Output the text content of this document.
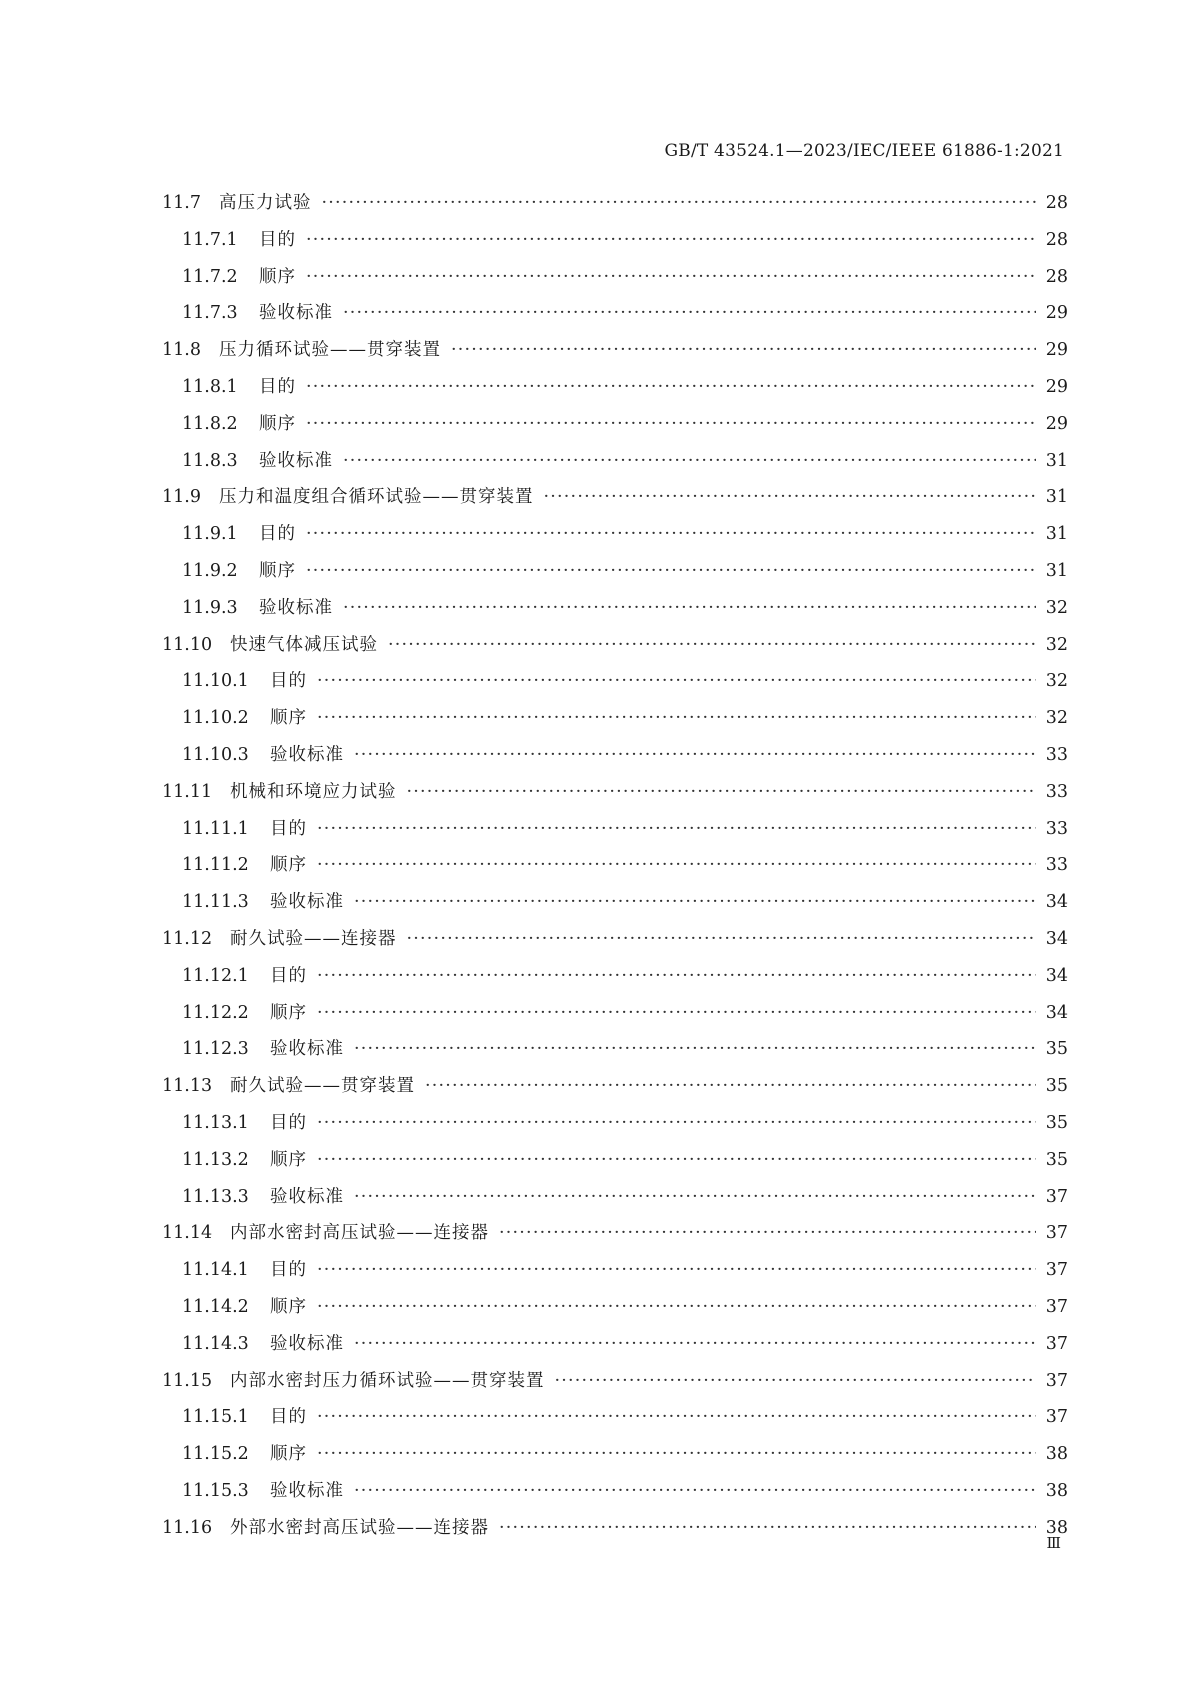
GB/T 43524.1—2023/IEC/IEEE 61886-1:2021
11.7	高压力试验 ·····	28
11.7.1	目的 ·····	28
11.7.2	顺序 ·····	28
11.7.3	验收标准 ·····	29
11.8	压力循环试验——贯穿装置 ·····	29
11.8.1	目的 ·····	29
11.8.2	顺序 ·····	29
11.8.3	验收标准 ·····	31
11.9	压力和温度组合循环试验——贯穿装置 ·····	31
11.9.1	目的 ·····	31
11.9.2	顺序 ·····	31
11.9.3	验收标准 ·····	32
11.10	快速气体减压试验 ·····	32
11.10.1	目的 ·····	32
11.10.2	顺序 ·····	32
11.10.3	验收标准 ·····	33
11.11	机械和环境应力试验 ·····	33
11.11.1	目的 ·····	33
11.11.2	顺序 ·····	33
11.11.3	验收标准 ·····	34
11.12	耐久试验——连接器 ·····	34
11.12.1	目的 ·····	34
11.12.2	顺序 ·····	34
11.12.3	验收标准 ·····	35
11.13	耐久试验——贯穿装置 ·····	35
11.13.1	目的 ·····	35
11.13.2	顺序 ·····	35
11.13.3	验收标准 ·····	37
11.14	内部水密封高压试验——连接器 ·····	37
11.14.1	目的 ·····	37
11.14.2	顺序 ·····	37
11.14.3	验收标准 ·····	37
11.15	内部水密封压力循环试验——贯穿装置 ·····	37
11.15.1	目的 ·····	37
11.15.2	顺序 ·····	38
11.15.3	验收标准 ·····	38
11.16	外部水密封高压试验——连接器 ·····	38
Ⅲ
